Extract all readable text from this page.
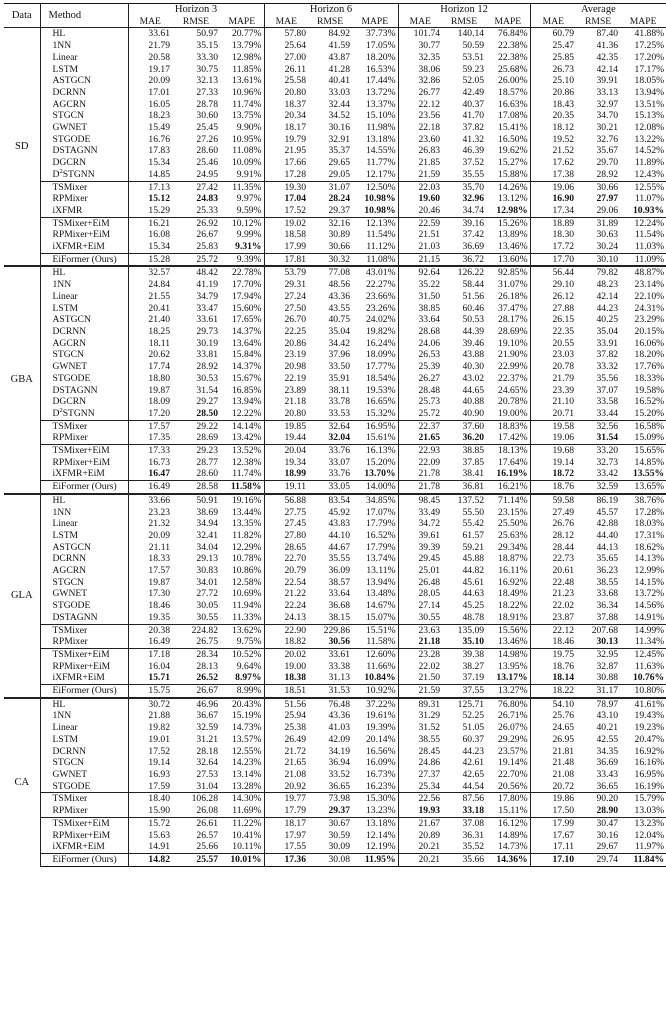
Data	Method	Horizon 3			Horizon 6			Horizon 12			Average		
		MAE	RMSE	MAPE	MAE	RMSE	MAPE	MAE	RMSE	MAPE	MAE	RMSE	MAPE
SD	HL	33.61	50.97	20.77%	57.80	84.92	37.73%	101.74	140.14	76.84%	60.79	87.40	41.88%
	1NN	21.79	35.15	13.79%	25.64	41.59	17.05%	30.77	50.59	22.38%	25.47	41.36	17.25%
	Linear	20.58	33.30	12.98%	27.00	43.87	18.20%	32.35	53.51	22.38%	25.85	42.35	17.20%
	LSTM	19.17	30.75	11.85%	26.11	41.28	16.53%	38.06	59.23	25.68%	26.73	42.14	17.17%
	ASTGCN	20.09	32.13	13.61%	25.58	40.41	17.44%	32.86	52.05	26.00%	25.10	39.91	18.05%
	DCRNN	17.01	27.33	10.96%	20.80	33.03	13.72%	26.77	42.49	18.57%	20.86	33.13	13.94%
	AGCRN	16.05	28.78	11.74%	18.37	32.44	13.37%	22.12	40.37	16.63%	18.43	32.97	13.51%
	STGCN	18.23	30.60	13.75%	20.34	34.52	15.10%	23.56	41.70	17.08%	20.35	34.70	15.13%
	GWNET	15.49	25.45	9.90%	18.17	30.16	11.98%	22.18	37.82	15.41%	18.12	30.21	12.08%
	STGODE	16.76	27.26	10.95%	19.79	32.91	13.18%	23.60	41.32	16.50%	19.52	32.76	13.22%
	DSTAGNN	17.83	28.60	11.08%	21.95	35.37	14.55%	26.83	46.39	19.62%	21.52	35.67	14.52%
	DGCRN	15.34	25.46	10.09%	17.66	29.65	11.77%	21.85	37.52	15.27%	17.62	29.70	11.89%
	$D^2STGNN$	14.85	24.95	9.91%	17.28	29.05	12.17%	21.59	35.55	15.88%	17.38	28.92	12.43%
	TSMixer	17.13	27.42	11.35%	19.30	31.07	12.50%	22.03	35.70	14.26%	19.06	30.66	12.55%
	RPMixer	15.12	24.83	9.97%	17.04	28.24	10.98%	19.60	32.96	13.12%	16.90	27.97	11.07%
	iXFMR	15.29	25.33	9.59%	17.52	29.37	10.98%	20.46	34.74	12.98%	17.34	29.06	10.93%
	TSMixer+EiM	16.21	26.92	10.12%	19.02	32.16	12.13%	22.59	39.16	15.26%	18.89	31.89	12.24%
	RPMixer+EiM	16.08	26.67	9.99%	18.58	30.89	11.54%	21.51	37.42	13.89%	18.30	30.63	11.54%
	iXFMR+EiM	15.34	25.83	9.31%	17.99	30.66	11.12%	21.03	36.69	13.46%	17.72	30.24	11.03%
	EiFormer (Ours)	15.28	25.72	9.39%	17.81	30.32	11.08%	21.15	36.72	13.60%	17.70	30.10	11.09%
GBA	HL	32.57	48.42	22.78%	53.79	77.08	43.01%	92.64	126.22	92.85%	56.44	79.82	48.87%
	1NN	24.84	41.19	17.70%	29.31	48.56	22.27%	35.22	58.44	31.07%	29.10	48.23	23.14%
	Linear	21.55	34.79	17.94%	27.24	43.36	23.66%	31.50	51.56	26.18%	26.12	42.14	22.10%
	LSTM	20.41	33.47	15.60%	27.50	43.55	23.26%	38.85	60.46	37.47%	27.88	44.23	24.31%
	ASTGCN	21.40	33.61	17.65%	26.70	40.75	24.02%	33.64	50.53	28.17%	26.15	40.25	23.29%
	DCRNN	18.25	29.73	14.37%	22.25	35.04	19.82%	28.68	44.39	28.69%	22.35	35.04	20.15%
	AGCRN	18.11	30.19	13.64%	20.86	34.42	16.24%	24.06	39.46	19.10%	20.55	33.91	16.06%
	STGCN	20.62	33.81	15.84%	23.19	37.96	18.09%	26.53	43.88	21.90%	23.03	37.82	18.20%
	GWNET	17.74	28.92	14.37%	20.98	33.50	17.77%	25.39	40.30	22.99%	20.78	33.32	17.76%
	STGODE	18.80	30.53	15.67%	22.19	35.91	18.54%	26.27	43.02	22.37%	21.79	35.56	18.33%
	DSTAGNN	19.87	31.54	16.85%	23.89	38.11	19.53%	28.48	44.65	24.65%	23.39	37.07	19.58%
	DGCRN	18.09	29.27	13.94%	21.18	33.78	16.65%	25.73	40.88	20.78%	21.10	33.58	16.52%
	$D^2STGNN$	17.20	28.50	12.22%	20.80	33.53	15.32%	25.72	40.90	19.00%	20.71	33.44	15.20%
	TSMixer	17.57	29.22	14.14%	19.85	32.64	16.95%	22.37	37.60	18.83%	19.58	32.56	16.58%
	RPMixer	17.35	28.69	13.42%	19.44	32.04	15.61%	21.65	36.20	17.42%	19.06	31.54	15.09%
	TSMixer+EiM	17.33	29.23	13.52%	20.04	33.76	16.13%	22.93	38.85	18.13%	19.68	33.20	15.65%
	RPMixer+EiM	16.73	28.77	12.38%	19.34	33.07	15.20%	22.09	37.85	17.64%	19.14	32.73	14.85%
	iXFMR+EiM	16.47	28.60	11.74%	18.99	33.76	13.70%	21.78	38.41	16.19%	18.72	33.42	13.55%
	EiFormer (Ours)	16.49	28.58	11.58%	19.11	33.05	14.00%	21.78	36.81	16.21%	18.76	32.59	13.65%
GLA	HL	33.66	50.91	19.16%	56.88	83.54	34.85%	98.45	137.52	71.14%	59.58	86.19	38.76%
	1NN	23.23	38.69	13.44%	27.75	45.92	17.07%	33.49	55.50	23.15%	27.49	45.57	17.28%
	Linear	21.32	34.94	13.35%	27.45	43.83	17.79%	34.72	55.42	25.50%	26.76	42.88	18.03%
	LSTM	20.09	32.41	11.82%	27.80	44.10	16.52%	39.61	61.57	25.63%	28.12	44.40	17.31%
	ASTGCN	21.11	34.04	12.29%	28.65	44.67	17.79%	39.39	59.21	29.34%	28.44	44.13	18.62%
	DCRNN	18.33	29.13	10.78%	22.70	35.55	13.74%	29.45	45.88	18.87%	22.73	35.65	14.13%
	AGCRN	17.57	30.83	10.86%	20.79	36.09	13.11%	25.01	44.82	16.11%	20.61	36.23	12.99%
	STGCN	19.87	34.01	12.58%	22.54	38.57	13.94%	26.48	45.61	16.92%	22.48	38.55	14.15%
	GWNET	17.30	27.72	10.69%	21.22	33.64	13.48%	28.05	44.63	18.49%	21.23	33.68	13.72%
	STGODE	18.46	30.05	11.94%	22.24	36.68	14.67%	27.14	45.25	18.22%	22.02	36.34	14.56%
	DSTAGNN	19.35	30.55	11.33%	24.13	38.15	15.07%	30.55	48.78	18.91%	23.87	37.88	14.91%
	TSMixer	20.38	224.82	13.62%	22.90	229.86	15.51%	23.63	135.09	15.56%	22.12	207.68	14.99%
	RPMixer	16.49	26.75	9.75%	18.82	30.56	11.58%	21.18	35.10	13.46%	18.46	30.13	11.34%
	TSMixer+EiM	17.18	28.34	10.52%	20.02	33.61	12.60%	23.28	39.38	14.98%	19.75	32.95	12.45%
	RPMixer+EiM	16.04	28.13	9.64%	19.00	33.38	11.66%	22.02	38.27	13.95%	18.76	32.87	11.63%
	iXFMR+EiM	15.71	26.52	8.97%	18.38	31.13	10.84%	21.50	37.19	13.17%	18.14	30.88	10.76%
	EiFormer (Ours)	15.75	26.67	8.99%	18.51	31.53	10.92%	21.59	37.55	13.27%	18.22	31.17	10.80%
CA	HL	30.72	46.96	20.43%	51.56	76.48	37.22%	89.31	125.71	76.80%	54.10	78.97	41.61%
	1NN	21.88	36.67	15.19%	25.94	43.36	19.61%	31.29	52.25	26.71%	25.76	43.10	19.43%
	Linear	19.82	32.59	14.73%	25.38	41.03	19.39%	31.52	51.05	26.07%	24.65	40.21	19.23%
	LSTM	19.01	31.21	13.57%	26.49	42.09	20.14%	38.55	60.37	29.29%	26.95	42.55	20.47%
	DCRNN	17.52	28.18	12.55%	21.72	34.19	16.56%	28.45	44.23	23.57%	21.81	34.35	16.92%
	STGCN	19.14	32.64	14.23%	21.65	36.94	16.09%	24.86	42.61	19.14%	21.48	36.69	16.16%
	GWNET	16.93	27.53	13.14%	21.08	33.52	16.73%	27.37	42.65	22.70%	21.08	33.43	16.95%
	STGODE	17.59	31.04	13.28%	20.92	36.65	16.23%	25.34	44.54	20.56%	20.72	36.65	16.19%
	TSMixer	18.40	106.28	14.30%	19.77	73.98	15.30%	22.56	87.56	17.80%	19.86	90.20	15.79%
	RPMixer	15.90	26.08	11.69%	17.79	29.37	13.23%	19.93	33.18	15.11%	17.50	28.90	13.03%
	TSMixer+EiM	15.72	26.61	11.22%	18.17	30.67	13.18%	21.67	37.08	16.12%	17.99	30.47	13.23%
	RPMixer+EiM	15.63	26.57	10.41%	17.97	30.59	12.14%	20.89	36.31	14.89%	17.67	30.16	12.04%
	iXFMR+EiM	14.91	25.66	10.11%	17.55	30.09	12.19%	20.21	35.52	14.73%	17.11	29.67	11.97%
	EiFormer (Ours)	14.82	25.57	10.01%	17.36	30.08	11.95%	20.21	35.66	14.36%	17.10	29.74	11.84%
